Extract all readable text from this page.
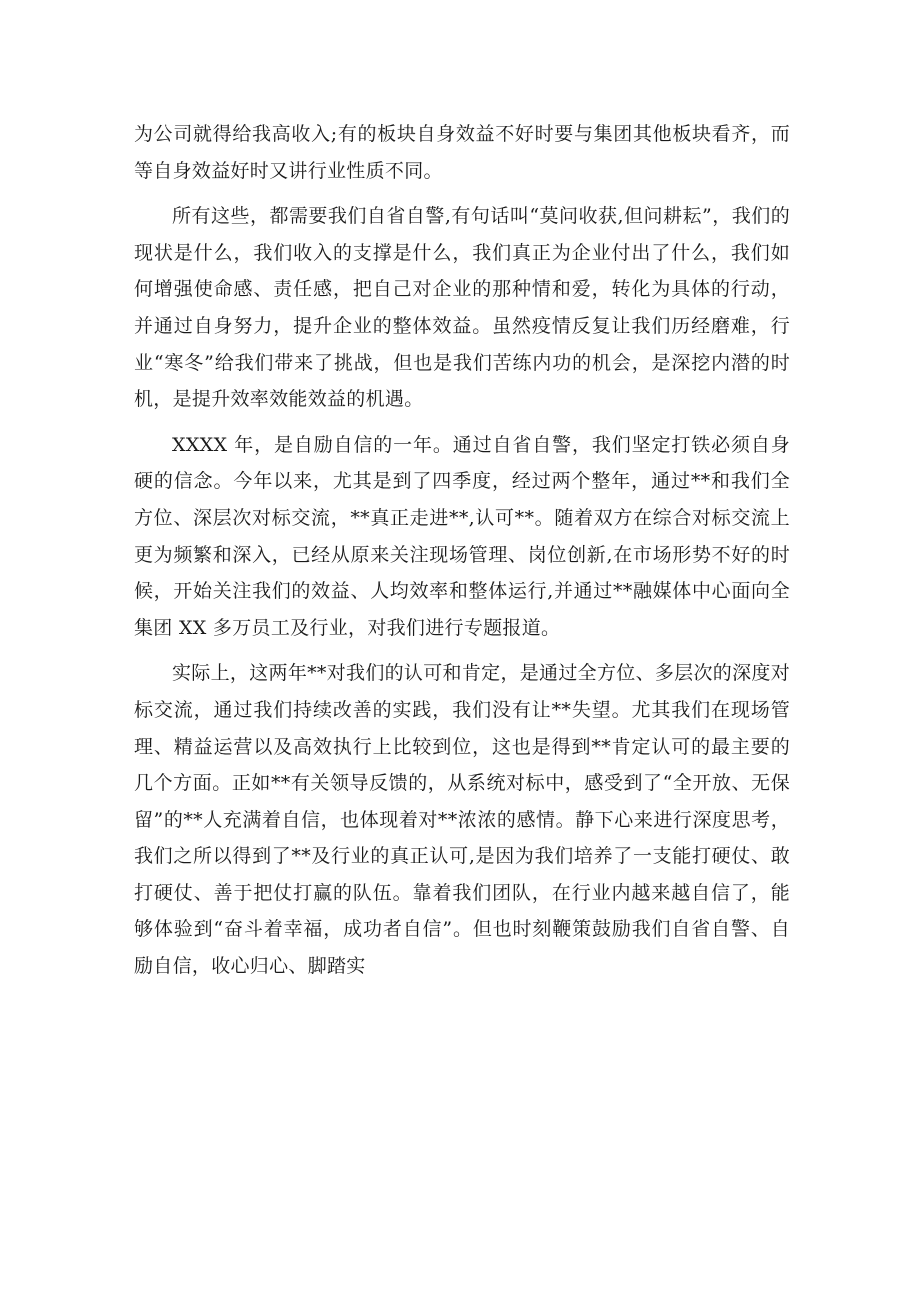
为公司就得给我高收入;有的板块自身效益不好时要与集团其他板块看齐，而等自身效益好时又讲行业性质不同。

所有这些，都需要我们自省自警,有句话叫“莫问收获,但问耕耘”，我们的现状是什么，我们收入的支撑是什么，我们真正为企业付出了什么，我们如何增强使命感、责任感，把自己对企业的那种情和爱，转化为具体的行动，并通过自身努力，提升企业的整体效益。虽然疫情反复让我们历经磨难，行业“寒冬”给我们带来了挑战，但也是我们苦练内功的机会，是深挖内潜的时机，是提升效率效能效益的机遇。

XXXX 年，是自励自信的一年。通过自省自警，我们坚定打铁必须自身硬的信念。今年以来，尤其是到了四季度，经过两个整年，通过**和我们全方位、深层次对标交流，**真正走进**,认可**。随着双方在综合对标交流上更为频繁和深入，已经从原来关注现场管理、岗位创新,在市场形势不好的时候，开始关注我们的效益、人均效率和整体运行,并通过**融媒体中心面向全集团 XX 多万员工及行业，对我们进行专题报道。

实际上，这两年**对我们的认可和肯定，是通过全方位、多层次的深度对标交流，通过我们持续改善的实践，我们没有让**失望。尤其我们在现场管理、精益运营以及高效执行上比较到位，这也是得到**肯定认可的最主要的几个方面。正如**有关领导反馈的，从系统对标中，感受到了“全开放、无保留”的**人充满着自信，也体现着对**浓浓的感情。静下心来进行深度思考，我们之所以得到了**及行业的真正认可,是因为我们培养了一支能打硬仗、敢打硬仗、善于把仗打赢的队伍。靠着我们团队，在行业内越来越自信了，能够体验到“奋斗着幸福，成功者自信”。但也时刻鞭策鼓励我们自省自警、自励自信，收心归心、脚踏实
